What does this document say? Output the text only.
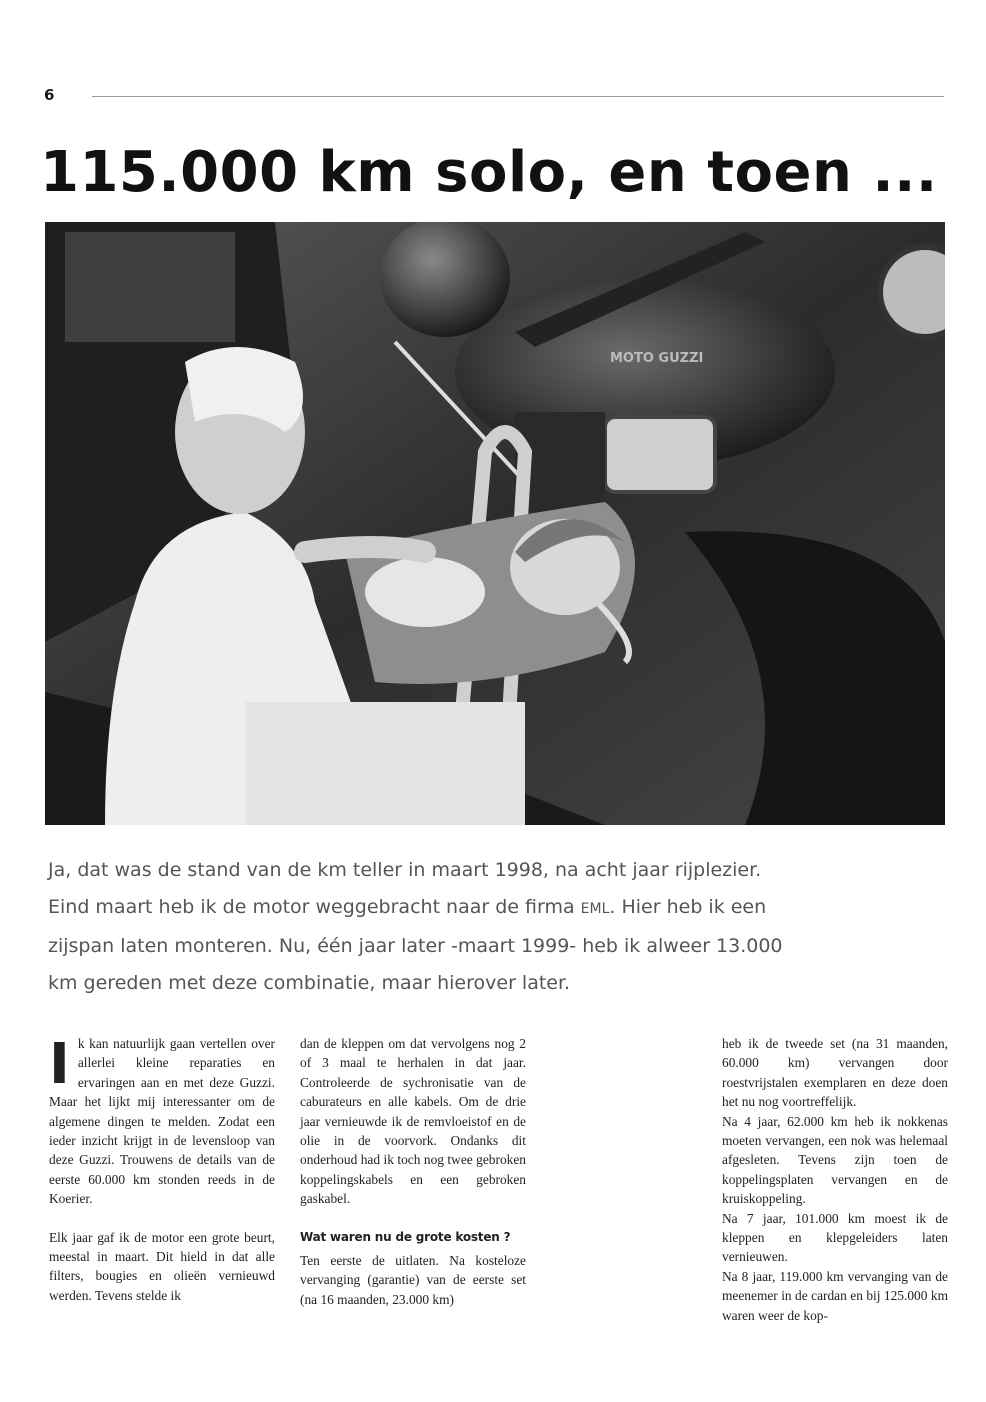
6
115.000 km solo, en toen ...
MOTO GUZZI

Ja, dat was de stand van de km teller in maart 1998, na acht jaar rijplezier. Eind maart heb ik de motor weggebracht naar de firma EML. Hier heb ik een zijspan laten monteren. Nu, één jaar later -maart 1999- heb ik alweer 13.000 km gereden met deze combinatie, maar hierover later.

Ik kan natuurlijk gaan vertellen over allerlei kleine reparaties en ervaringen aan en met deze Guzzi. Maar het lijkt mij interessanter om de algemene dingen te melden. Zodat een ieder inzicht krijgt in de levensloop van deze Guzzi. Trouwens de details van de eerste 60.000 km stonden reeds in de Koerier.

Elk jaar gaf ik de motor een grote beurt, meestal in maart. Dit hield in dat alle filters, bougies en olieën vernieuwd werden. Tevens stelde ik

dan de kleppen om dat vervolgens nog 2 of 3 maal te herhalen in dat jaar. Controleerde de sychronisatie van de caburateurs en alle kabels. Om de drie jaar vernieuwde ik de remvloeistof en de olie in de voorvork. Ondanks dit onderhoud had ik toch nog twee gebroken koppelingskabels en een gebroken gaskabel.

Wat waren nu de grote kosten ?

Ten eerste de uitlaten. Na kosteloze vervanging (garantie) van de eerste set (na 16 maanden, 23.000 km)

heb ik de tweede set (na 31 maanden, 60.000 km) vervangen door roestvrijstalen exemplaren en deze doen het nu nog voortreffelijk.

Na 4 jaar, 62.000 km heb ik nokkenas moeten vervangen, een nok was helemaal afgesleten. Tevens zijn toen de koppelingsplaten vervangen en de kruiskoppeling.

Na 7 jaar, 101.000 km moest ik de kleppen en klepgeleiders laten vernieuwen.

Na 8 jaar, 119.000 km vervanging van de meenemer in de cardan en bij 125.000 km waren weer de kop-
